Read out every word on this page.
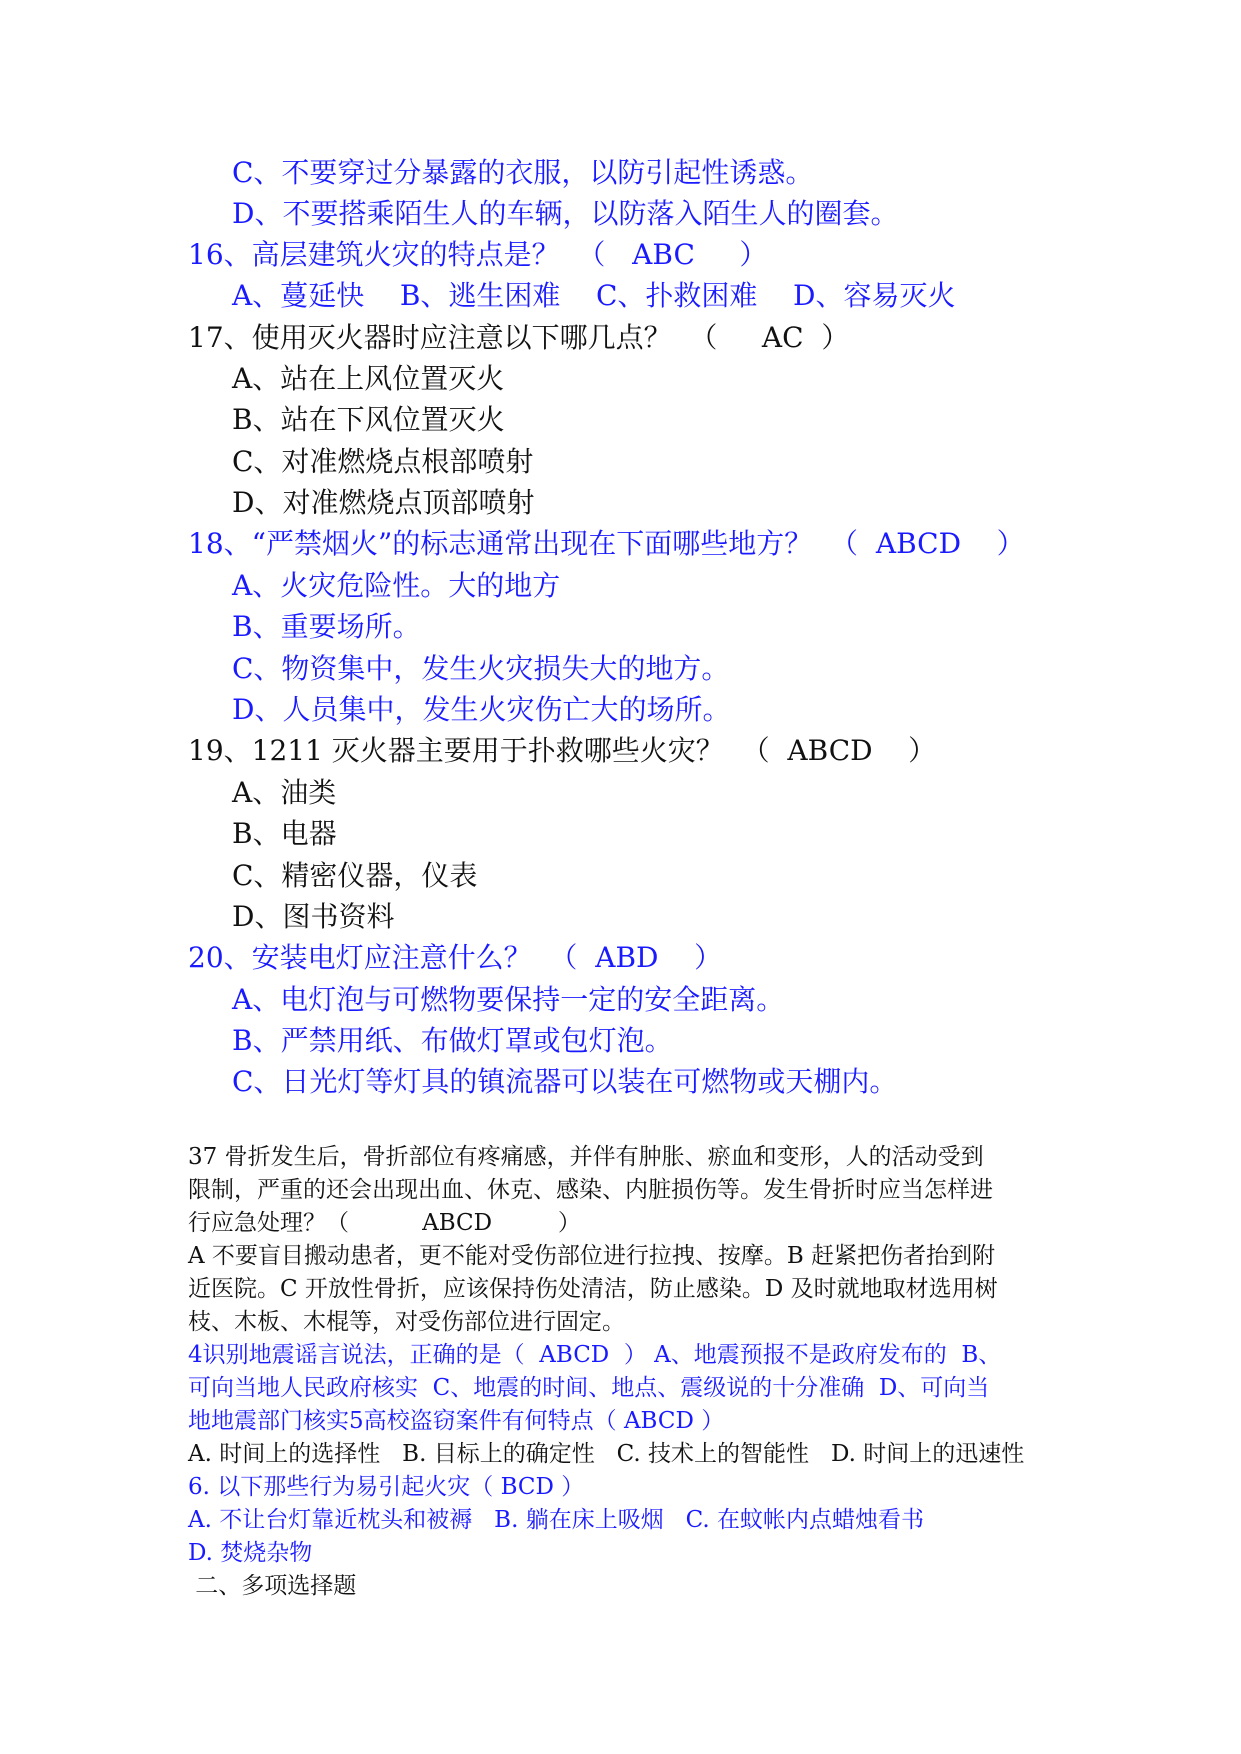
C、不要穿过分暴露的衣服，以防引起性诱惑。
D、不要搭乘陌生人的车辆，以防落入陌生人的圈套。
16、高层建筑火灾的特点是？  （   ABC     ）
A、蔓延快    B、逃生困难    C、扑救困难    D、容易灭火
17、使用灭火器时应注意以下哪几点？  （     AC  ）
A、站在上风位置灭火
B、站在下风位置灭火
C、对准燃烧点根部喷射
D、对准燃烧点顶部喷射
18、“严禁烟火”的标志通常出现在下面哪些地方？  （  ABCD    ）
A、火灾危险性。大的地方
B、重要场所。
C、物资集中，发生火灾损失大的地方。
D、人员集中，发生火灾伤亡大的场所。
19、1211 灭火器主要用于扑救哪些火灾？  （  ABCD    ）
A、油类
B、电器
C、精密仪器，仪表
D、图书资料
20、安装电灯应注意什么？  （  ABD    ）
A、电灯泡与可燃物要保持一定的安全距离。
B、严禁用纸、布做灯罩或包灯泡。
C、日光灯等灯具的镇流器可以装在可燃物或天棚内。
37 骨折发生后，骨折部位有疼痛感，并伴有肿胀、瘀血和变形，人的活动受到
限制，严重的还会出现出血、休克、感染、内脏损伤等。发生骨折时应当怎样进
行应急处理？（          ABCD         ）
A 不要盲目搬动患者，更不能对受伤部位进行拉拽、按摩。B 赶紧把伤者抬到附
近医院。C 开放性骨折，应该保持伤处清洁，防止感染。D 及时就地取材选用树
枝、木板、木棍等，对受伤部位进行固定。
4识别地震谣言说法，正确的是（  ABCD  ） A、地震预报不是政府发布的  B、
可向当地人民政府核实  C、地震的时间、地点、震级说的十分准确  D、可向当
地地震部门核实5高校盗窃案件有何特点（ ABCD ）
A. 时间上的选择性   B. 目标上的确定性   C. 技术上的智能性   D. 时间上的迅速性
6. 以下那些行为易引起火灾（ BCD ）
A. 不让台灯靠近枕头和被褥   B. 躺在床上吸烟   C. 在蚊帐内点蜡烛看书
D. 焚烧杂物
二、多项选择题
